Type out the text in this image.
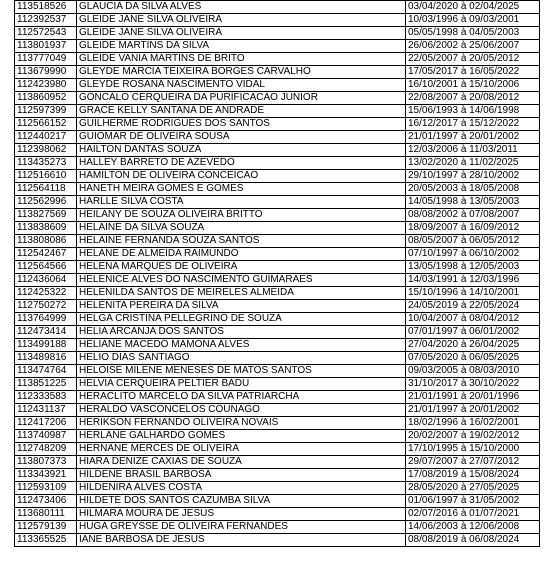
113518526	GLAUCIA DA SILVA ALVES	03/04/2020 à 02/04/2025
112392537	GLEIDE JANE SILVA OLIVEIRA	10/03/1996 à 09/03/2001
112572543	GLEIDE JANE SILVA OLIVEIRA	05/05/1998 à 04/05/2003
113801937	GLEIDE MARTINS DA SILVA	26/06/2002 à 25/06/2007
113777049	GLEIDE VANIA MARTINS DE BRITO	22/05/2007 à 20/05/2012
113679990	GLEYDE MARCIA TEIXEIRA BORGES CARVALHO	17/05/2017 à 16/05/2022
112423980	GLEYDE ROSANA NASCIMENTO VIDAL	16/10/2001 à 15/10/2006
113860952	GONCALO CERQUEIRA DA PURIFICACAO JUNIOR	22/08/2007 à 20/08/2012
112597399	GRACE KELLY SANTANA DE ANDRADE	15/06/1993 à 14/06/1998
112566152	GUILHERME RODRIGUES DOS SANTOS	16/12/2017 à 15/12/2022
112440217	GUIOMAR DE OLIVEIRA SOUSA	21/01/1997 à 20/01/2002
112398062	HAILTON DANTAS SOUZA	12/03/2006 à 11/03/2011
113435273	HALLEY BARRETO DE AZEVEDO	13/02/2020 à 11/02/2025
112516610	HAMILTON DE OLIVEIRA CONCEICAO	29/10/1997 à 28/10/2002
112564118	HANETH MEIRA GOMES E GOMES	20/05/2003 à 18/05/2008
112562996	HARLLE SILVA COSTA	14/05/1998 à 13/05/2003
113827569	HEILANY DE SOUZA OLIVEIRA BRITTO	08/08/2002 à 07/08/2007
113838609	HELAINE DA SILVA SOUZA	18/09/2007 à 16/09/2012
113808086	HELAINE FERNANDA SOUZA SANTOS	08/05/2007 à 06/05/2012
112542467	HELANE DE ALMEIDA RAIMUNDO	07/10/1997 à 06/10/2002
112564566	HELENA MARQUES DE OLIVEIRA	13/05/1998 à 12/05/2003
112436064	HELENICE ALVES DO NASCIMENTO GUIMARAES	14/03/1991 à 12/03/1996
112425322	HELENILDA SANTOS DE MEIRELES ALMEIDA	15/10/1996 à 14/10/2001
112750272	HELENITA PEREIRA DA SILVA	24/05/2019 à 22/05/2024
113764999	HELGA CRISTINA PELLEGRINO DE SOUZA	10/04/2007 à 08/04/2012
112473414	HELIA ARCANJA DOS SANTOS	07/01/1997 à 06/01/2002
113499188	HELIANE MACEDO MAMONA ALVES	27/04/2020 à 26/04/2025
113489816	HELIO DIAS SANTIAGO	07/05/2020 à 06/05/2025
113474764	HELOISE MILENE MENESES DE MATOS SANTOS	09/03/2005 à 08/03/2010
113851225	HELVIA CERQUEIRA PELTIER BADU	31/10/2017 à 30/10/2022
112333583	HERACLITO MARCELO DA SILVA PATRIARCHA	21/01/1991 à 20/01/1996
112431137	HERALDO VASCONCELOS COUNAGO	21/01/1997 à 20/01/2002
112417206	HERIKSON FERNANDO OLIVEIRA NOVAIS	18/02/1996 à 16/02/2001
113740987	HERLANE GALHARDO GOMES	20/02/2007 à 19/02/2012
112748209	HERNANE MERCES DE OLIVEIRA	17/10/1995 à 15/10/2000
113807373	HIARA DENIZE CAXIAS DE SOUZA	29/07/2007 à 27/07/2012
113343921	HILDENE BRASIL BARBOSA	17/08/2019 à 15/08/2024
112593109	HILDENIRA ALVES COSTA	28/05/2020 à 27/05/2025
112473406	HILDETE DOS SANTOS CAZUMBA SILVA	01/06/1997 à 31/05/2002
113680111	HILMARA MOURA DE JESUS	02/07/2016 à 01/07/2021
112579139	HUGA GREYSSE DE OLIVEIRA FERNANDES	14/06/2003 à 12/06/2008
113365525	IANE BARBOSA DE JESUS	08/08/2019 à 06/08/2024
